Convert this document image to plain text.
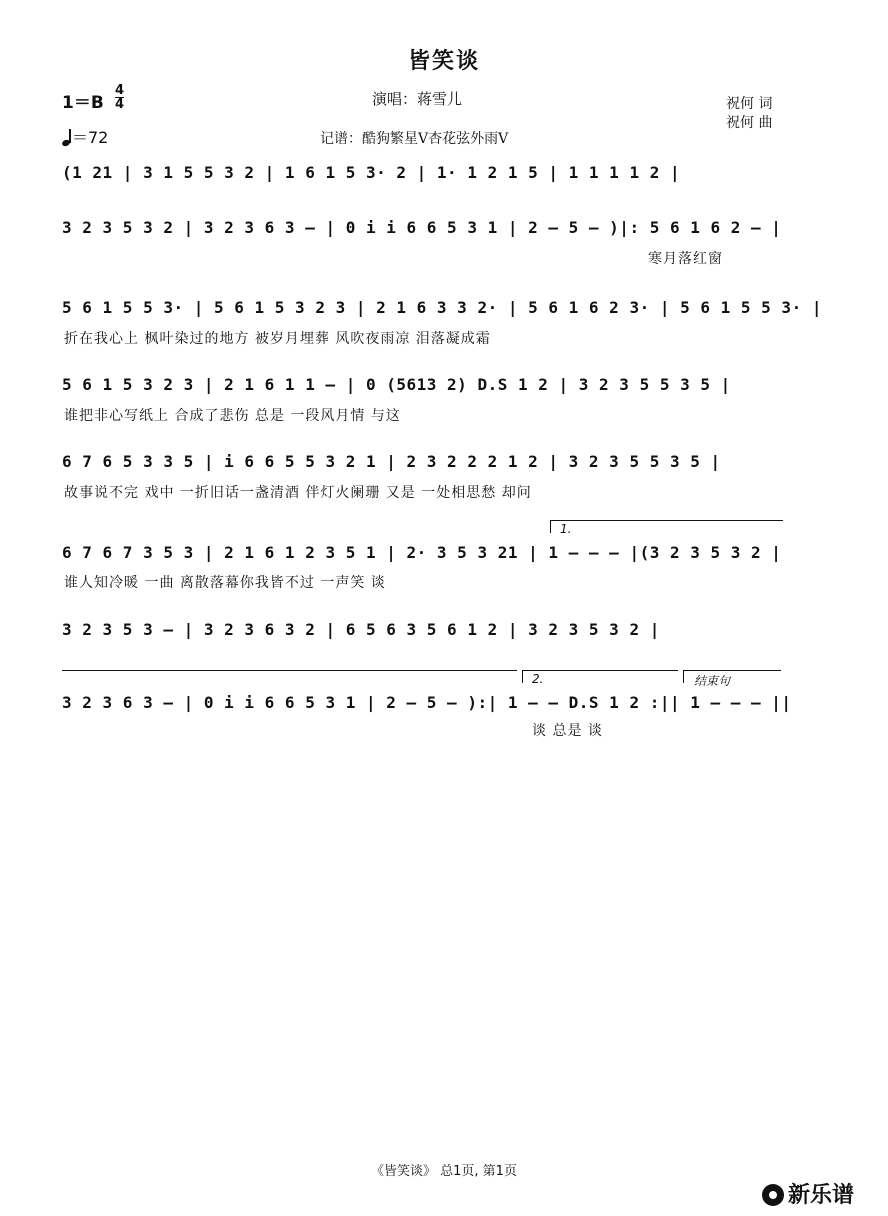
皆笑谈
1＝B
4
4
＝72
演唱：蒋雪儿	祝何 词
祝何 曲
记谱：酷狗繁星V杏花弦外雨V
(1 21 | 3 1 5 5 3 2 | 1 6 1 5 3· 2 | 1· 1 2 1 5 | 1 1 1 1 2 |
3 2 3 5 3 2 | 3 2 3 6 3 – | 0 i i 6 6 5 3 1 | 2 – 5 – )|: 5 6 1 6 2 – |
寒月落红窗
5 6 1 5 5 3· | 5 6 1 5 3 2 3 | 2 1 6 3 3 2· | 5 6 1 6 2 3· | 5 6 1 5 5 3· |
折在我心上 枫叶染过的地方 被岁月埋葬 风吹夜雨凉 泪落凝成霜
5 6 1 5 3 2 3 | 2 1 6 1 1 – | 0 (5613 2) D.S 1 2 | 3 2 3 5 5 3 5 |
谁把非心写纸上 合成了悲伤 总是 一段风月情 与这
6 7 6 5 3 3 5 | i 6 6 5 5 3 2 1 | 2 3 2 2 2 1 2 | 3 2 3 5 5 3 5 |
故事说不完 戏中 一折旧话一盏清酒 伴灯火阑珊 又是 一处相思愁 却问
1.
6 7 6 7 3 5 3 | 2 1 6 1 2 3 5 1 | 2· 3 5 3 21 | 1 – – – |(3 2 3 5 3 2 |
谁人知冷暖 一曲 离散落幕你我皆不过 一声笑 谈
3 2 3 5 3 – | 3 2 3 6 3 2 | 6 5 6 3 5 6 1 2 | 3 2 3 5 3 2 |
2.	结束句
3 2 3 6 3 – | 0 i i 6 6 5 3 1 | 2 – 5 – ):| 1 – – D.S 1 2 :|| 1 – – – ||
谈 总是 谈
《皆笑谈》 总1页, 第1页
新乐谱
